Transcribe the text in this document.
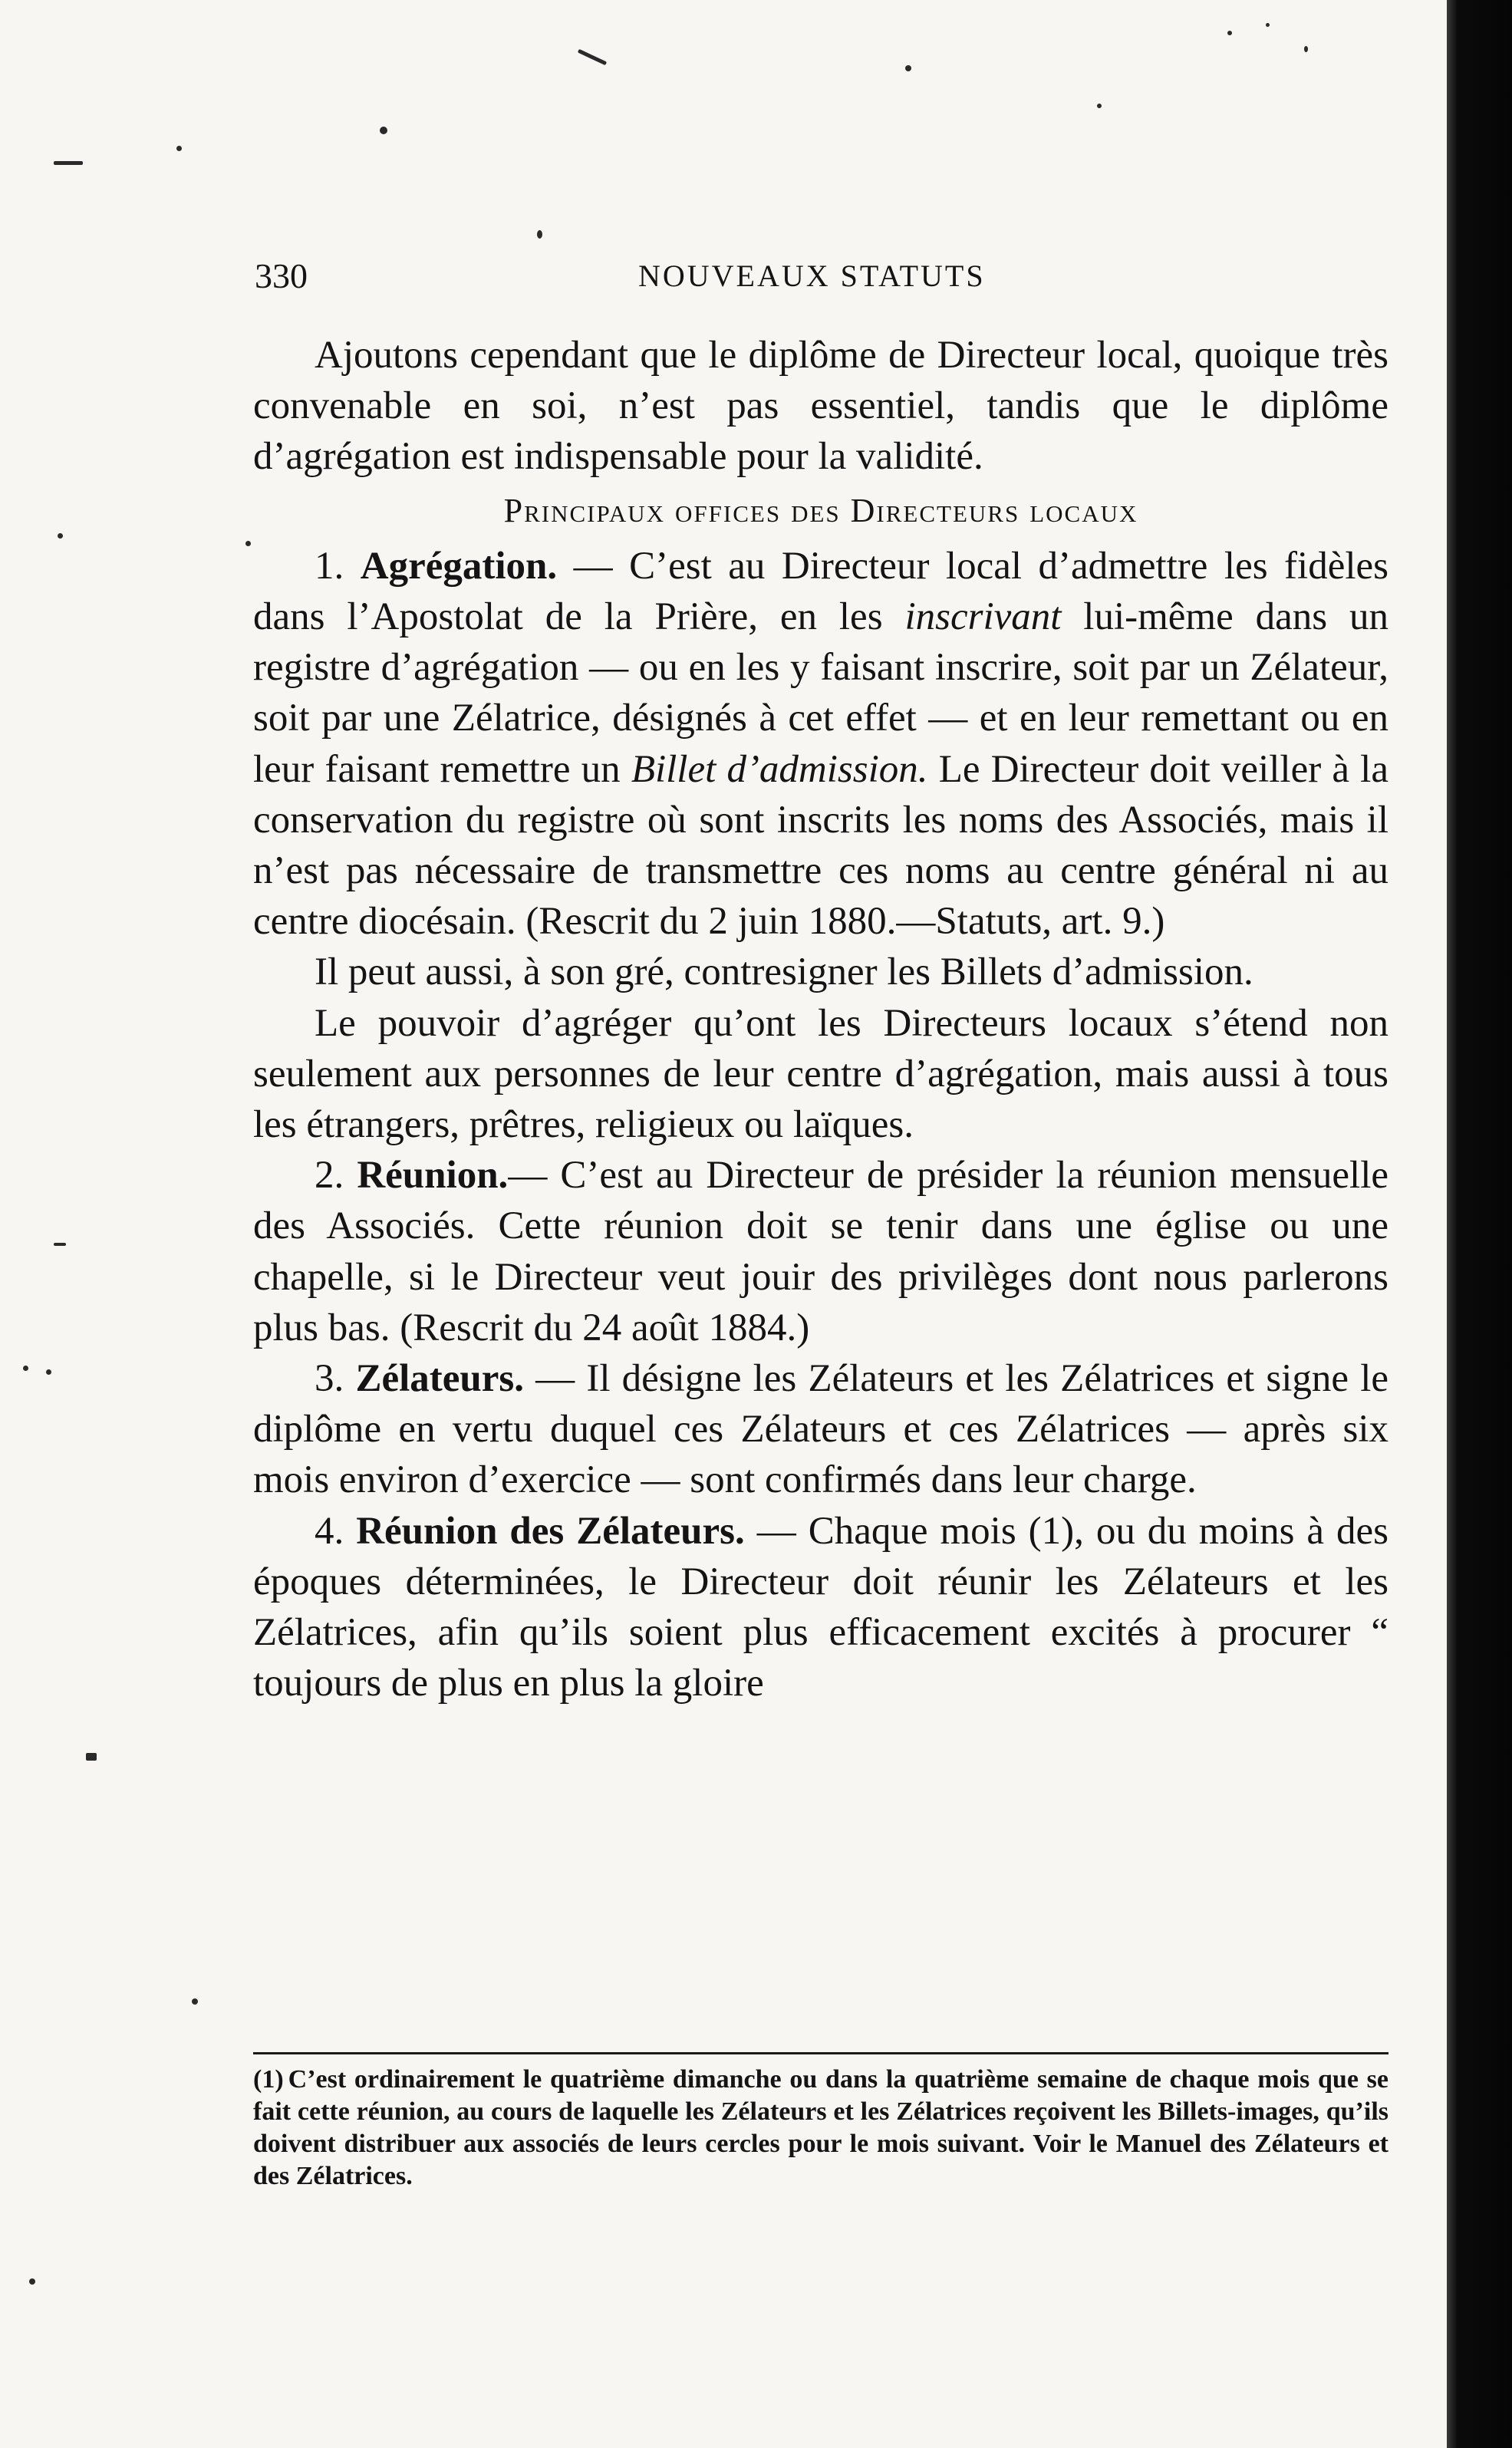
330	NOUVEAUX STATUTS

Ajoutons cependant que le diplôme de Directeur local, quoique très convenable en soi, n’est pas essentiel, tandis que le diplôme d’agrégation est indispensable pour la validité.

Principaux offices des Directeurs locaux

1. Agrégation. — C’est au Directeur local d’admettre les fidèles dans l’Apostolat de la Prière, en les inscrivant lui-même dans un registre d’agrégation — ou en les y faisant inscrire, soit par un Zélateur, soit par une Zélatrice, désignés à cet effet — et en leur remettant ou en leur faisant remettre un Billet d’admission. Le Directeur doit veiller à la conservation du registre où sont inscrits les noms des Associés, mais il n’est pas nécessaire de transmettre ces noms au centre général ni au centre diocésain. (Rescrit du 2 juin 1880.—Statuts, art. 9.)

Il peut aussi, à son gré, contresigner les Billets d’admission.

Le pouvoir d’agréger qu’ont les Directeurs locaux s’étend non seulement aux personnes de leur centre d’agrégation, mais aussi à tous les étrangers, prêtres, religieux ou laïques.

2. Réunion.— C’est au Directeur de présider la réunion mensuelle des Associés. Cette réunion doit se tenir dans une église ou une chapelle, si le Directeur veut jouir des privilèges dont nous parlerons plus bas. (Rescrit du 24 août 1884.)

3. Zélateurs. — Il désigne les Zélateurs et les Zélatrices et signe le diplôme en vertu duquel ces Zélateurs et ces Zélatrices — après six mois environ d’exercice — sont confirmés dans leur charge.

4. Réunion des Zélateurs. — Chaque mois (1), ou du moins à des époques déterminées, le Directeur doit réunir les Zélateurs et les Zélatrices, afin qu’ils soient plus efficacement excités à procurer “ toujours de plus en plus la gloire

(1) C’est ordinairement le quatrième dimanche ou dans la quatrième semaine de chaque mois que se fait cette réunion, au cours de laquelle les Zélateurs et les Zélatrices reçoivent les Billets-images, qu’ils doivent distribuer aux associés de leurs cercles pour le mois suivant. Voir le Manuel des Zélateurs et des Zélatrices.
